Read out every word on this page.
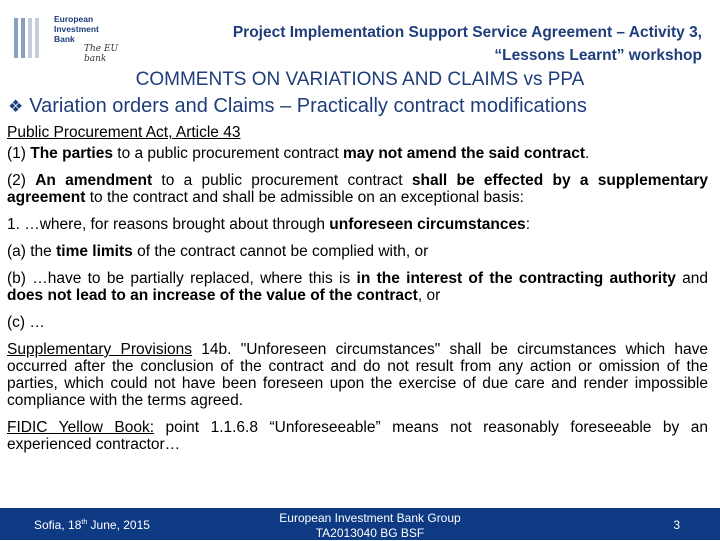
European
Investment
Bank
The EU bank
Project Implementation Support Service Agreement – Activity 3,
“Lessons Learnt” workshop
COMMENTS ON VARIATIONS AND CLAIMS vs PPA
❖ Variation orders and Claims – Practically contract modifications

Public Procurement Act, Article 43

(1) The parties to a public procurement contract may not amend the said contract.

(2) An amendment to a public procurement contract shall be effected by a supplementary agreement to the contract and shall be admissible on an exceptional basis:

1. …where, for reasons brought about through unforeseen circumstances:

(a) the time limits of the contract cannot be complied with, or

(b) …have to be partially replaced, where this is in the interest of the contracting authority and does not lead to an increase of the value of the contract, or

(c) …

Supplementary Provisions 14b. "Unforeseen circumstances" shall be circumstances which have occurred after the conclusion of the contract and do not result from any action or omission of the parties, which could not have been foreseen upon the exercise of due care and render impossible compliance with the terms agreed.

FIDIC Yellow Book: point 1.1.6.8 “Unforeseeable” means not reasonably foreseeable by an experienced contractor…

Sofia, 18th June, 2015	European Investment Bank Group
TA2013040 BG BSF
3
